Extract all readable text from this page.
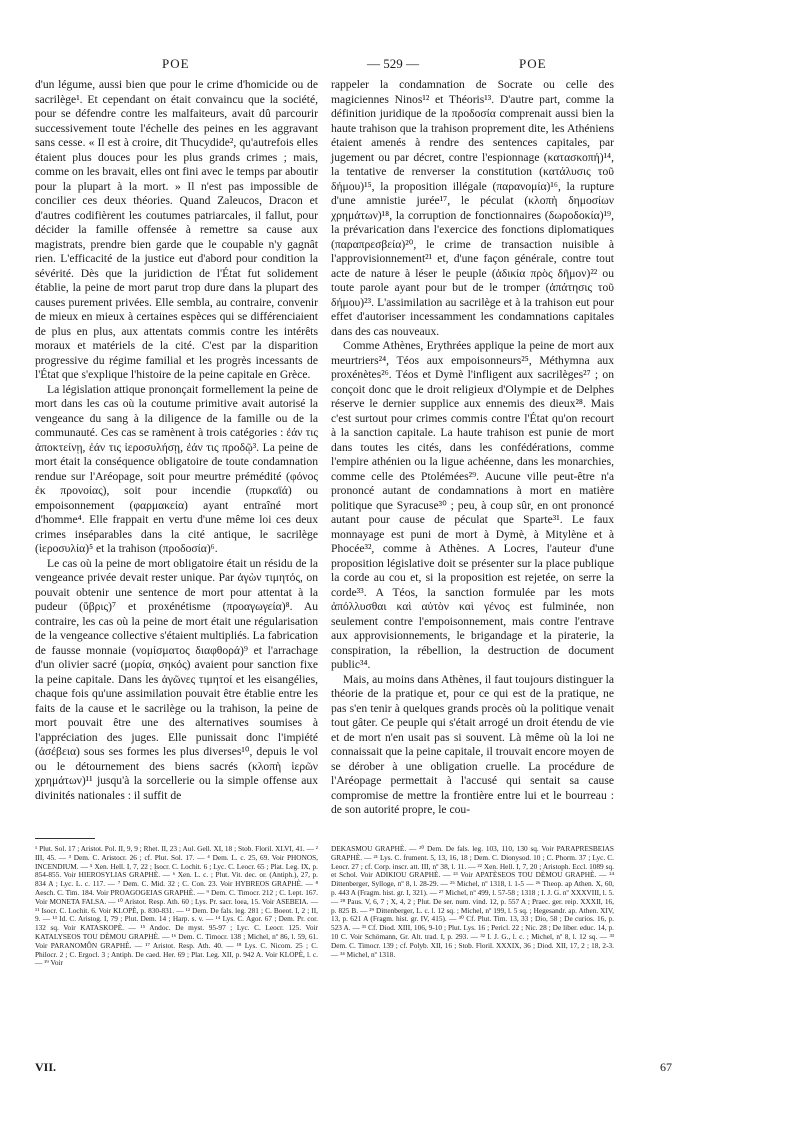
POE	— 529 —	POE

d'un légume, aussi bien que pour le crime d'homicide ou de sacrilège¹. Et cependant on était convaincu que la société, pour se défendre contre les malfaiteurs, avait dû parcourir successivement toute l'échelle des peines en les aggravant sans cesse. « Il est à croire, dit Thucydide², qu'autrefois elles étaient plus douces pour les plus grands crimes ; mais, comme on les bravait, elles ont fini avec le temps par aboutir pour la plupart à la mort. » Il n'est pas impossible de concilier ces deux théories. Quand Zaleucos, Dracon et d'autres codifièrent les coutumes patriarcales, il fallut, pour décider la famille offensée à remettre sa cause aux magistrats, prendre bien garde que le coupable n'y gagnât rien. L'efficacité de la justice eut d'abord pour condition la sévérité. Dès que la juridiction de l'État fut solidement établie, la peine de mort parut trop dure dans la plupart des causes purement privées. Elle sembla, au contraire, convenir de mieux en mieux à certaines espèces qui se différenciaient de plus en plus, aux attentats commis contre les intérêts moraux et matériels de la cité. C'est par la disparition progressive du régime familial et les progrès incessants de l'État que s'explique l'histoire de la peine capitale en Grèce.

La législation attique prononçait formellement la peine de mort dans les cas où la coutume primitive avait autorisé la vengeance du sang à la diligence de la famille ou de la communauté. Ces cas se ramènent à trois catégories : ἐάν τις ἀποκτείνῃ, ἐάν τις ἱεροσυλήσῃ, ἐάν τις προδῷ³. La peine de mort était la conséquence obligatoire de toute condamnation rendue sur l'Aréopage, soit pour meurtre prémédité (φόνος ἐκ προνοίας), soit pour incendie (πυρκαϊά) ou empoisonnement (φαρμακεία) ayant entraîné mort d'homme⁴. Elle frappait en vertu d'une même loi ces deux crimes inséparables dans la cité antique, le sacrilège (ἱεροσυλία)⁵ et la trahison (προδοσία)⁶.

Le cas où la peine de mort obligatoire était un résidu de la vengeance privée devait rester unique. Par ἀγὼν τιμητός, on pouvait obtenir une sentence de mort pour attentat à la pudeur (ὕβρις)⁷ et proxénétisme (προαγωγεία)⁸. Au contraire, les cas où la peine de mort était une régularisation de la vengeance collective s'étaient multipliés. La fabrication de fausse monnaie (νομίσματος διαφθορά)⁹ et l'arrachage d'un olivier sacré (μορία, σηκός) avaient pour sanction fixe la peine capitale. Dans les ἀγῶνες τιμητοί et les eisangélies, chaque fois qu'une assimilation pouvait être établie entre les faits de la cause et le sacrilège ou la trahison, la peine de mort pouvait être une des alternatives soumises à l'appréciation des juges. Elle punissait donc l'impiété (ἀσέβεια) sous ses formes les plus diverses¹⁰, depuis le vol ou le détournement des biens sacrés (κλοπὴ ἱερῶν χρημάτων)¹¹ jusqu'à la sorcellerie ou la simple offense aux divinités nationales : il suffit de

rappeler la condamnation de Socrate ou celle des magiciennes Ninos¹² et Théoris¹³. D'autre part, comme la définition juridique de la προδοσία comprenait aussi bien la haute trahison que la trahison proprement dite, les Athéniens étaient amenés à rendre des sentences capitales, par jugement ou par décret, contre l'espionnage (κατασκοπή)¹⁴, la tentative de renverser la constitution (κατάλυσις τοῦ δήμου)¹⁵, la proposition illégale (παρανομία)¹⁶, la rupture d'une amnistie jurée¹⁷, le péculat (κλοπὴ δημοσίων χρημάτων)¹⁸, la corruption de fonctionnaires (δωροδοκία)¹⁹, la prévarication dans l'exercice des fonctions diplomatiques (παραπρεσβεία)²⁰, le crime de transaction nuisible à l'approvisionnement²¹ et, d'une façon générale, contre tout acte de nature à léser le peuple (ἀδικία πρὸς δῆμον)²² ou toute parole ayant pour but de le tromper (ἀπάτησις τοῦ δήμου)²³. L'assimilation au sacrilège et à la trahison eut pour effet d'autoriser incessamment les condamnations capitales dans des cas nouveaux.

Comme Athènes, Erythrées applique la peine de mort aux meurtriers²⁴, Téos aux empoisonneurs²⁵, Méthymna aux proxénètes²⁶. Téos et Dymè l'infligent aux sacrilèges²⁷ ; on conçoit donc que le droit religieux d'Olympie et de Delphes réserve le dernier supplice aux ennemis des dieux²⁸. Mais c'est surtout pour crimes commis contre l'État qu'on recourt à la sanction capitale. La haute trahison est punie de mort dans toutes les cités, dans les confédérations, comme l'empire athénien ou la ligue achéenne, dans les monarchies, comme celle des Ptolémées²⁹. Aucune ville peut-être n'a prononcé autant de condamnations à mort en matière politique que Syracuse³⁰ ; peu, à coup sûr, en ont prononcé autant pour cause de péculat que Sparte³¹. Le faux monnayage est puni de mort à Dymè, à Mitylène et à Phocée³², comme à Athènes. A Locres, l'auteur d'une proposition législative doit se présenter sur la place publique la corde au cou et, si la proposition est rejetée, on serre la corde³³. A Téos, la sanction formulée par les mots ἀπόλλυσθαι καὶ αὐτὸν καὶ γένος est fulminée, non seulement contre l'empoisonnement, mais contre l'entrave aux approvisionnements, le brigandage et la piraterie, la conspiration, la rébellion, la destruction de document public³⁴.

Mais, au moins dans Athènes, il faut toujours distinguer la théorie de la pratique et, pour ce qui est de la pratique, ne pas s'en tenir à quelques grands procès où la politique venait tout gâter. Ce peuple qui s'était arrogé un droit étendu de vie et de mort n'en usait pas si souvent. Là même où la loi ne connaissait que la peine capitale, il trouvait encore moyen de se dérober à une obligation cruelle. La procédure de l'Aréopage permettait à l'accusé qui sentait sa cause compromise de mettre la frontière entre lui et le bourreau : de son autorité propre, le cou-

¹ Plut. Sol. 17 ; Aristot. Pol. II, 9, 9 ; Rhet. II, 23 ; Aul. Gell. XI, 18 ; Stob. Floril. XLVI, 41. — ² III, 45. — ³ Dem. C. Aristocr. 26 ; cf. Plut. Sol. 17. — ⁴ Dem. L. c. 25, 69. Voir PHONOS, INCENDIUM. — ⁵ Xen. Hell. I, 7, 22 ; Isocr. C. Lochit. 6 ; Lyc. C. Leocr. 65 ; Plat. Leg. IX, p. 854-855. Voir HIEROSYLIAS GRAPHÈ. — ⁶ Xen. L. c. ; Plut. Vit. dec. or. (Antiph.), 27, p. 834 A ; Lyc. L. c. 117. — ⁷ Dem. C. Mid. 32 ; C. Con. 23. Voir HYBREOS GRAPHÈ. — ⁸ Aesch. C. Tim. 184. Voir PROAGOGEIAS GRAPHÈ. — ⁹ Dem. C. Timocr. 212 ; C. Lept. 167. Voir MONETA FALSA. — ¹⁰ Aristot. Resp. Ath. 60 ; Lys. Pr. sacr. loea, 15. Voir ASEBEIA. — ¹¹ Isocr. C. Lochit. 6. Voir KLOPÈ, p. 830-831. — ¹² Dem. De fals. leg. 281 ; C. Boeot. I, 2 ; II, 9. — ¹³ Id. C. Aristog. I, 79 ; Plut. Dem. 14 ; Harp. s. v. — ¹⁴ Lys. C. Agor. 67 ; Dem. Pr. cor. 132 sq. Voir KATASKOPÈ. — ¹⁵ Andoc. De myst. 95-97 ; Lyc. C. Leocr. 125. Voir KATALYSEOS TOU DÈMOU GRAPHÈ. — ¹⁶ Dem. C. Timocr. 138 ; Michel, nº 86, l. 59, 61. Voir PARANOMÔN GRAPHÈ. — ¹⁷ Aristot. Resp. Ath. 40. — ¹⁸ Lys. C. Nicom. 25 ; C. Philocr. 2 ; C. Ergocl. 3 ; Antiph. De caed. Her. 69 ; Plat. Leg. XII, p. 942 A. Voir KLOPÈ, l. c. — ¹⁹ Voir
DEKASMOU GRAPHÈ. — ²⁰ Dem. De fals. leg. 103, 110, 130 sq. Voir PARAPRESBEIAS GRAPHÈ. — ²¹ Lys. C. frument. 5, 13, 16, 18 ; Dem. C. Dionysod. 10 ; C. Phorm. 37 ; Lyc. C. Leocr. 27 ; cf. Corp. inscr. att. III, nº 38, l. 11. — ²² Xen. Hell. I, 7, 20 ; Aristoph. Eccl. 1089 sq. et Schol. Voir ADIKIOU GRAPHÈ. — ²³ Voir APATÈSEOS TOU DÈMOU GRAPHÈ. — ²⁴ Dittenberger, Sylloge, nº 8, l. 28-29. — ²⁵ Michel, nº 1318, l. 1-5 — ²⁶ Theop. ap Athen. X, 60, p. 443 A (Fragm. hist. gr. I, 321). — ²⁷ Michel, nº 499, l. 57-58 ; 1318 ; I. J. G. nº XXXVIII, l. 5. — ²⁸ Paus. V, 6, 7 ; X, 4, 2 ; Plut. De ser. num. vind. 12, p. 557 A ; Praec. ger. reip. XXXII, 16, p. 825 B. — ²⁹ Dittenberger, L. c. l. 12 sq. ; Michel, nº 199, l. 5 sq. ; Hegesandr. ap. Athen. XIV, 13, p. 621 A (Fragm. hist. gr. IV, 415). — ³⁰ Cf. Plut. Tim. 13, 33 ; Dio, 58 ; De curios. 16, p. 523 A. — ³¹ Cf. Diod. XIII, 106, 9-10 ; Plut. Lys. 16 ; Pericl. 22 ; Nic. 28 ; De liber. educ. 14, p. 10 C. Voir Schömann, Gr. Alt. trad. I, p. 293. — ³² I. J. G., l. c. ; Michel, nº 8, l. 12 sq. — ³³ Dem. C. Timocr. 139 ; cf. Polyb. XII, 16 ; Stob. Floril. XXXIX, 36 ; Diod. XII, 17, 2 ; 18, 2-3. — ³⁴ Michel, nº 1318.
VII.	67
